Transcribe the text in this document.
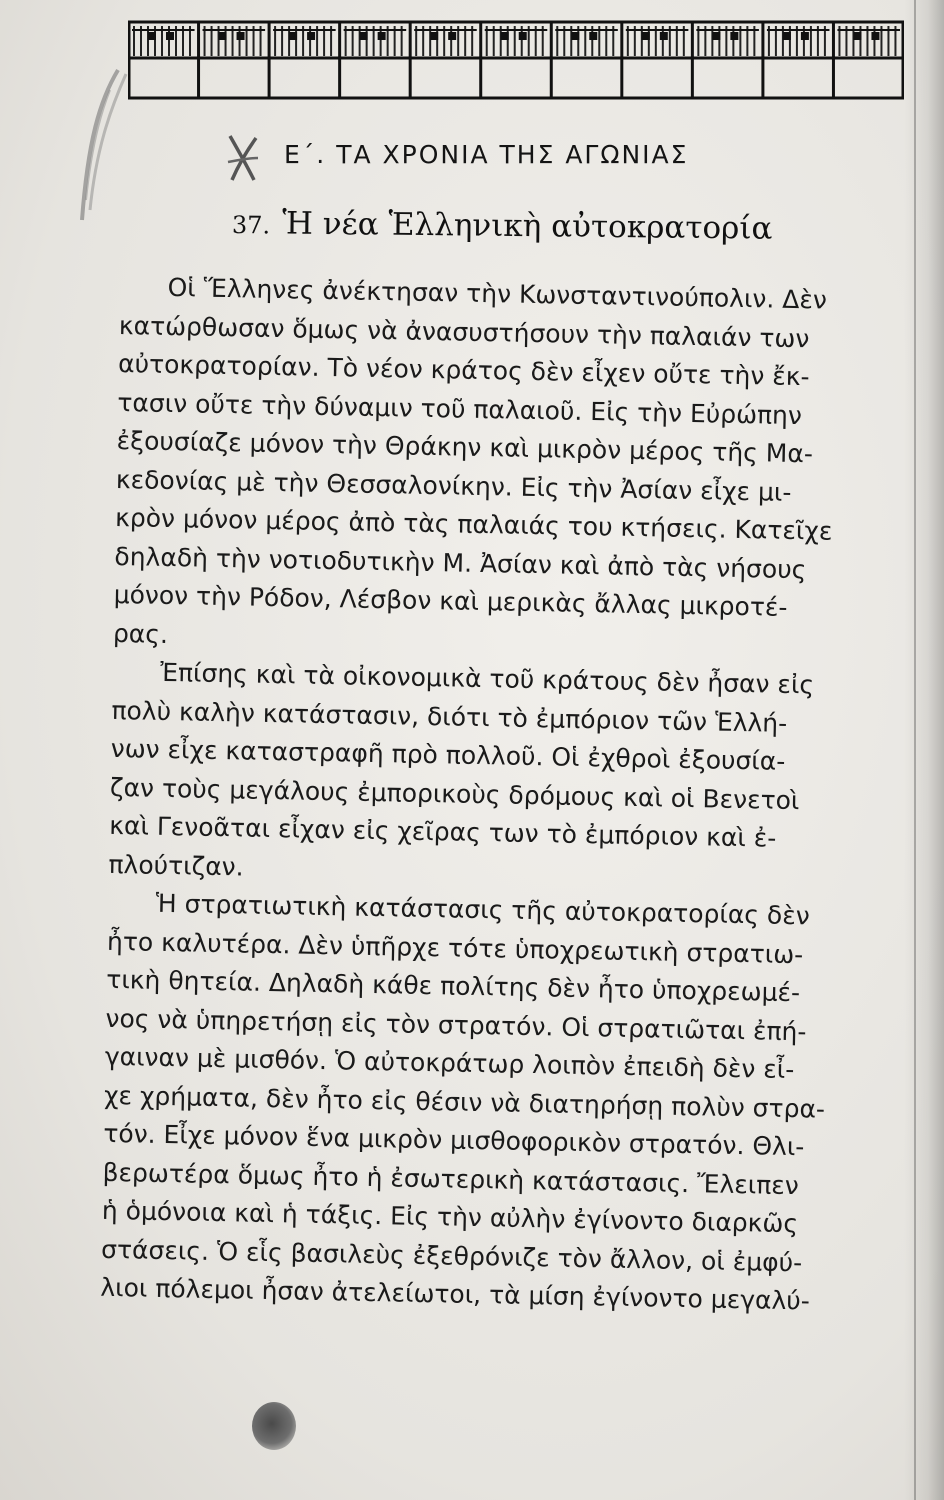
Ε΄. ΤΑ ΧΡΟΝΙΑ ΤΗΣ ΑΓΩΝΙΑΣ
37. Ἡ νέα Ἑλληνικὴ αὐτοκρατορία
Οἱ Ἕλληνες ἀνέκτησαν τὴν Κωνσταντινούπολιν. Δὲν
κατώρθωσαν ὅμως νὰ ἀνασυστήσουν τὴν παλαιάν των
αὐτοκρατορίαν. Τὸ νέον κράτος δὲν εἶχεν οὔτε τὴν ἔκ-
τασιν οὔτε τὴν δύναμιν τοῦ παλαιοῦ. Εἰς τὴν Εὐρώπην
ἐξουσίαζε μόνον τὴν Θράκην καὶ μικρὸν μέρος τῆς Μα-
κεδονίας μὲ τὴν Θεσσαλονίκην. Εἰς τὴν Ἀσίαν εἶχε μι-
κρὸν μόνον μέρος ἀπὸ τὰς παλαιάς του κτήσεις. Κατεῖχε
δηλαδὴ τὴν νοτιοδυτικὴν Μ. Ἀσίαν καὶ ἀπὸ τὰς νήσους
μόνον τὴν Ρόδον, Λέσβον καὶ μερικὰς ἄλλας μικροτέ-
ρας.
Ἐπίσης καὶ τὰ οἰκονομικὰ τοῦ κράτους δὲν ἦσαν εἰς
πολὺ καλὴν κατάστασιν, διότι τὸ ἐμπόριον τῶν Ἑλλή-
νων εἶχε καταστραφῆ πρὸ πολλοῦ. Οἱ ἐχθροὶ ἐξουσία-
ζαν τοὺς μεγάλους ἐμπορικοὺς δρόμους καὶ οἱ Βενετοὶ
καὶ Γενοᾶται εἶχαν εἰς χεῖρας των τὸ ἐμπόριον καὶ ἐ-
πλούτιζαν.
Ἡ στρατιωτικὴ κατάστασις τῆς αὐτοκρατορίας δὲν
ἦτο καλυτέρα. Δὲν ὑπῆρχε τότε ὑποχρεωτικὴ στρατιω-
τικὴ θητεία. Δηλαδὴ κάθε πολίτης δὲν ἦτο ὑποχρεωμέ-
νος νὰ ὑπηρετήσῃ εἰς τὸν στρατόν. Οἱ στρατιῶται ἐπή-
γαιναν μὲ μισθόν. Ὁ αὐτοκράτωρ λοιπὸν ἐπειδὴ δὲν εἶ-
χε χρήματα, δὲν ἦτο εἰς θέσιν νὰ διατηρήσῃ πολὺν στρα-
τόν. Εἶχε μόνον ἕνα μικρὸν μισθοφορικὸν στρατόν. Θλι-
βερωτέρα ὅμως ἦτο ἡ ἐσωτερικὴ κατάστασις. Ἔλειπεν
ἡ ὁμόνοια καὶ ἡ τάξις. Εἰς τὴν αὐλὴν ἐγίνοντο διαρκῶς
στάσεις. Ὁ εἷς βασιλεὺς ἐξεθρόνιζε τὸν ἄλλον, οἱ ἐμφύ-
λιοι πόλεμοι ἦσαν ἀτελείωτοι, τὰ μίση ἐγίνοντο μεγαλύ-
